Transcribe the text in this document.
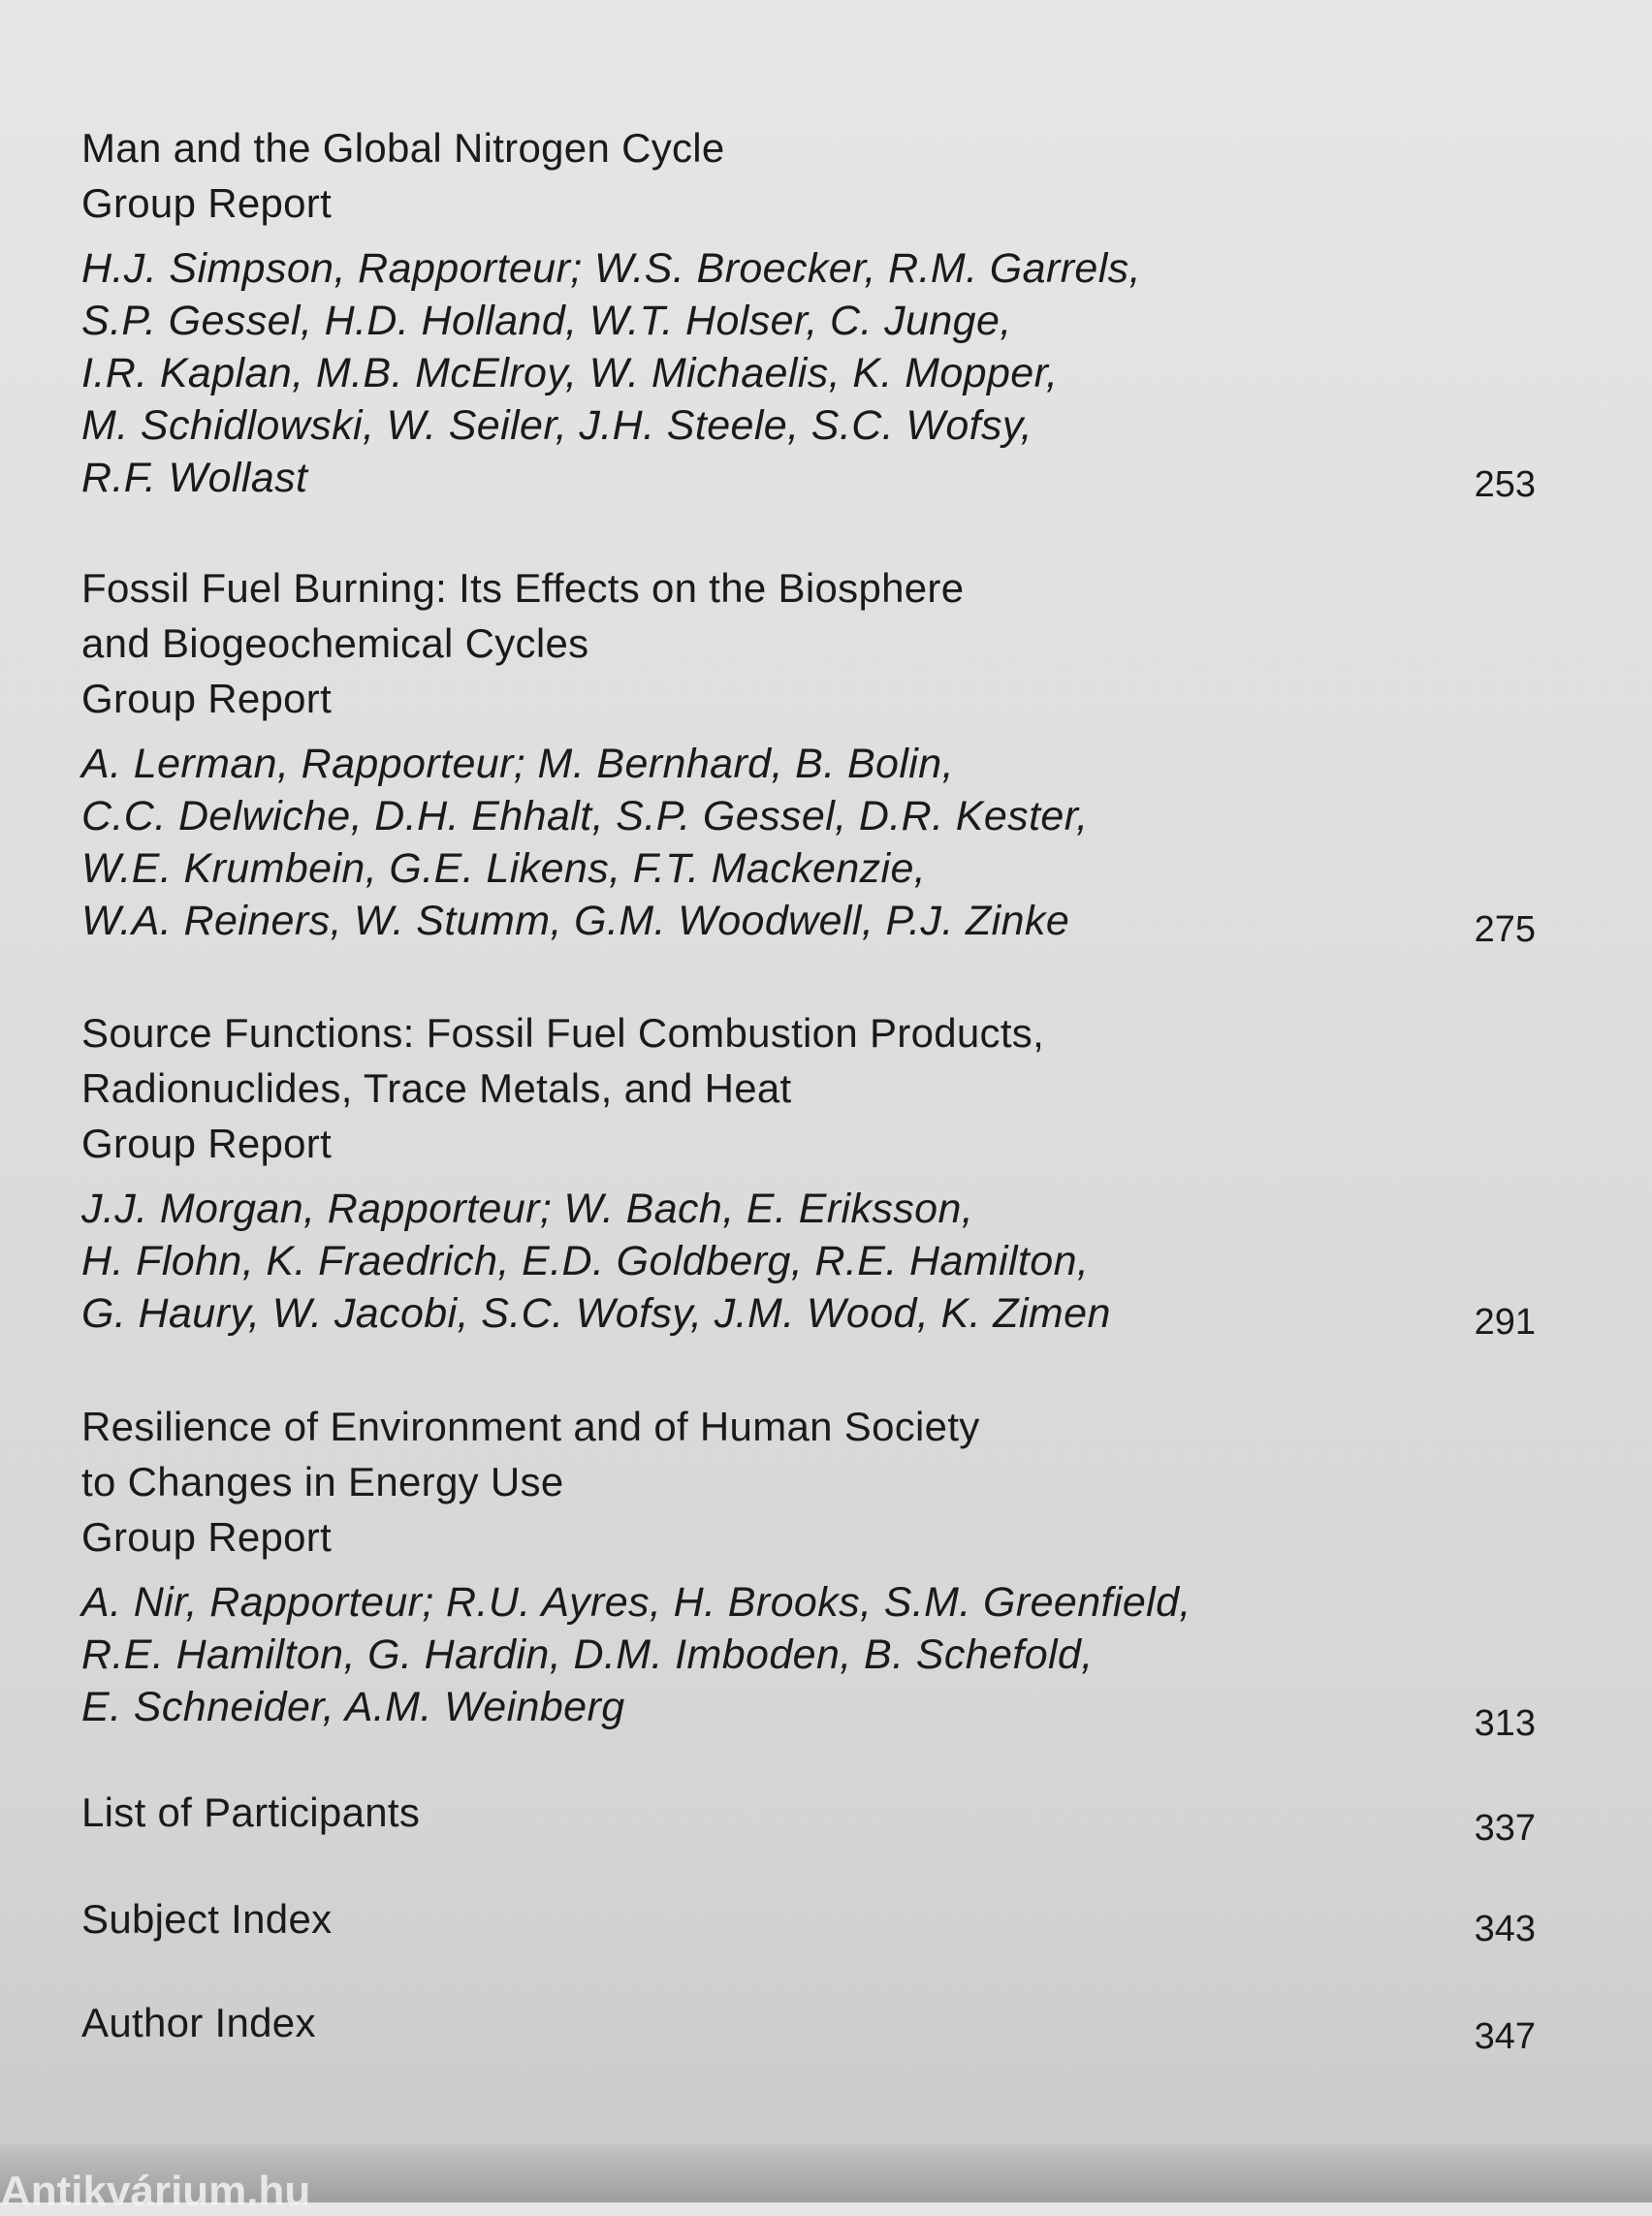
Man and the Global Nitrogen Cycle
Group Report
H.J. Simpson, Rapporteur; W.S. Broecker, R.M. Garrels,
S.P. Gessel, H.D. Holland, W.T. Holser, C. Junge,
I.R. Kaplan, M.B. McElroy, W. Michaelis, K. Mopper,
M. Schidlowski, W. Seiler, J.H. Steele, S.C. Wofsy,
R.F. Wollast	253
Fossil Fuel Burning: Its Effects on the Biosphere
and Biogeochemical Cycles
Group Report
A. Lerman, Rapporteur; M. Bernhard, B. Bolin,
C.C. Delwiche, D.H. Ehhalt, S.P. Gessel, D.R. Kester,
W.E. Krumbein, G.E. Likens, F.T. Mackenzie,
W.A. Reiners, W. Stumm, G.M. Woodwell, P.J. Zinke	275
Source Functions: Fossil Fuel Combustion Products,
Radionuclides, Trace Metals, and Heat
Group Report
J.J. Morgan, Rapporteur; W. Bach, E. Eriksson,
H. Flohn, K. Fraedrich, E.D. Goldberg, R.E. Hamilton,
G. Haury, W. Jacobi, S.C. Wofsy, J.M. Wood, K. Zimen	291
Resilience of Environment and of Human Society
to Changes in Energy Use
Group Report
A. Nir, Rapporteur; R.U. Ayres, H. Brooks, S.M. Greenfield,
R.E. Hamilton, G. Hardin, D.M. Imboden, B. Schefold,
E. Schneider, A.M. Weinberg	313
List of Participants	337
Subject Index	343
Author Index	347
Antikvárium.hu
